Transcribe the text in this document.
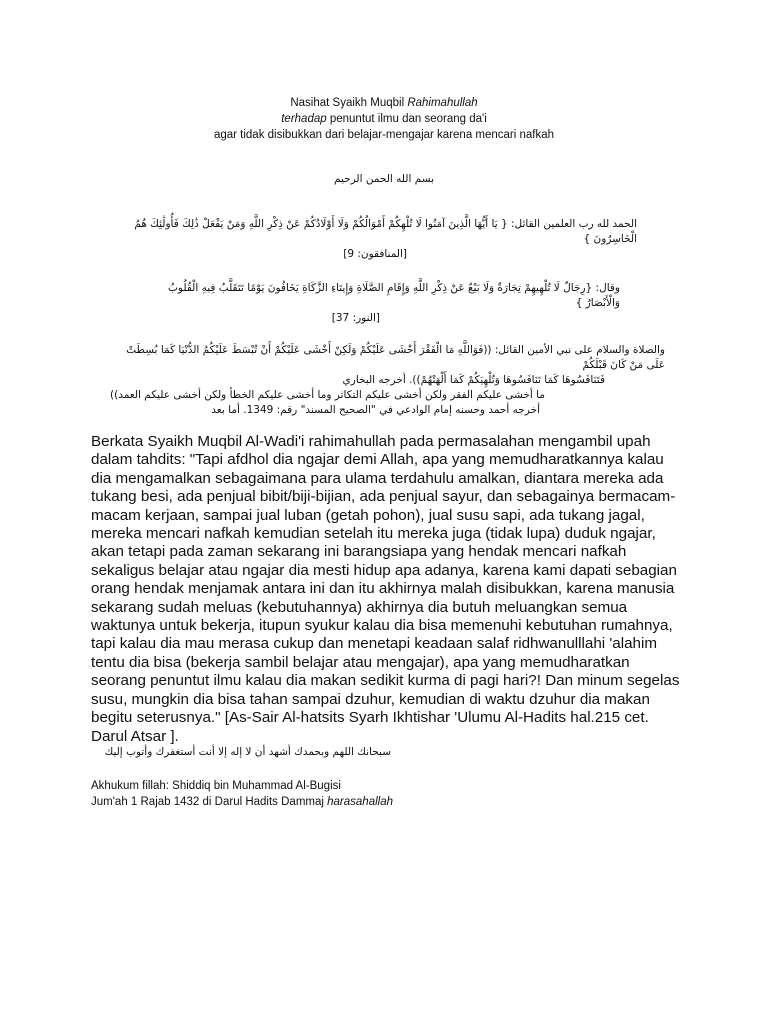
Nasihat Syaikh Muqbil Rahimahullah
terhadap penuntut ilmu dan seorang da'i
agar tidak disibukkan dari belajar-mengajar karena mencari nafkah
بسم الله الحمن الرحيم
الحمد لله رب العلمين القائل: { يَا أَيُّهَا الَّذِينَ آمَنُوا لَا تُلْهِكُمْ أَمْوَالُكُمْ وَلَا أَوْلَادُكُمْ عَنْ ذِكْرِ اللَّهِ وَمَنْ يَفْعَلْ ذَٰلِكَ فَأُولَٰئِكَ هُمُ الْخَاسِرُونَ }
[المنافقون: 9]
وقال: {رِجَالٌ لَا تُلْهِيهِمْ تِجَارَةٌ وَلَا بَيْعٌ عَنْ ذِكْرِ اللَّهِ وَإِقَامِ الصَّلَاةِ وَإِيتَاءِ الزَّكَاةِ يَخَافُونَ يَوْمًا تَتَقَلَّبُ فِيهِ الْقُلُوبُ وَالْأَبْصَارُ }
[النور: 37]
والصلاة والسلام على نبي الأمين القائل: ((فَوَاللَّهِ مَا الْفَقْرَ أَخْشَى عَلَيْكُمْ وَلَكِنْ أَخْشَى عَلَيْكُمْ أَنْ تُبْسَطَ عَلَيْكُمُ الدُّنْيَا كَمَا بُسِطَتْ عَلَى مَنْ كَانَ قَبْلَكُمْ
فَتَنَافَسُوهَا كَمَا تَنَافَسُوهَا وَتُلْهِيَكُمْ كَمَا أَلْهَتْهُمْ)). أخرجه البخاري
ما أخشى عليكم الفقر ولكن أخشى عليكم التكاثر وما أخشى عليكم الخطأ ولكن أخشى عليكم العمد))
أخرجه أحمد وحسنه إمام الوادعي في "الصحيح المسند" رقم: 1349. أما بعد
Berkata Syaikh Muqbil Al-Wadi'i rahimahullah pada permasalahan mengambil upah
dalam tahdits: "Tapi afdhol dia ngajar demi Allah, apa yang memudharatkannya kalau
dia mengamalkan sebagaimana para ulama terdahulu amalkan, diantara mereka ada
tukang besi, ada penjual bibit/biji-bijian, ada penjual sayur, dan sebagainya bermacam-
macam kerjaan, sampai jual luban (getah pohon), jual susu sapi, ada tukang jagal,
mereka mencari nafkah kemudian setelah itu mereka juga (tidak lupa) duduk ngajar,
akan tetapi pada zaman sekarang ini barangsiapa yang hendak mencari nafkah
sekaligus belajar atau ngajar dia mesti hidup apa adanya, karena kami dapati sebagian
orang hendak menjamak antara ini dan itu akhirnya malah disibukkan, karena manusia
sekarang sudah meluas (kebutuhannya) akhirnya dia butuh meluangkan semua
waktunya untuk bekerja, itupun syukur kalau dia bisa memenuhi kebutuhan rumahnya,
tapi kalau dia mau merasa cukup dan menetapi keadaan salaf ridhwanulllahi 'alahim
tentu dia bisa (bekerja sambil belajar atau mengajar), apa yang memudharatkan
seorang penuntut ilmu kalau dia makan sedikit kurma di pagi hari?! Dan minum segelas
susu, mungkin dia bisa tahan sampai dzuhur, kemudian di waktu dzuhur dia makan
begitu seterusnya." [As-Sair Al-hatsits Syarh Ikhtishar 'Ulumu Al-Hadits hal.215 cet.
Darul Atsar ].
سبحانك اللهم وبحمدك أشهد أن لا إله إلا أنت أستغفرك وأتوب إليك
Akhukum fillah: Shiddiq bin Muhammad Al-Bugisi
Jum'ah 1 Rajab 1432 di Darul Hadits Dammaj harasahallah
